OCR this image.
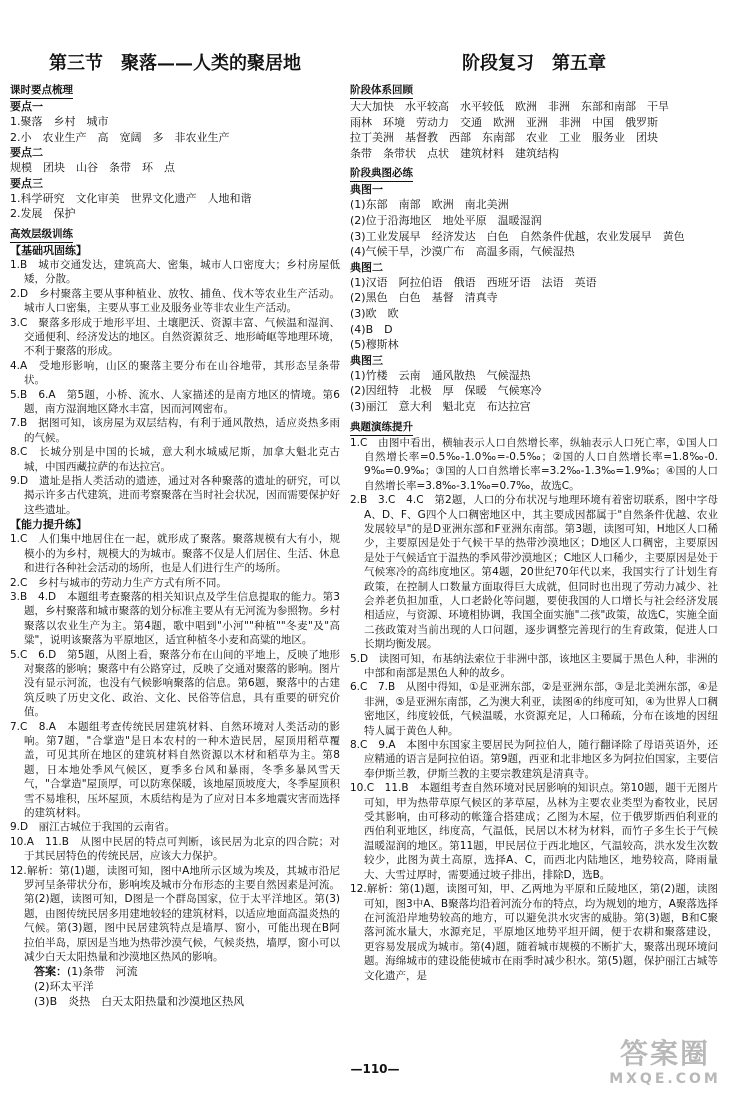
第三节　聚落——人类的聚居地	阶段复习　第五章
课时要点梳理
要点一
1.聚落　乡村　城市
2.小　农业生产　高　宽阔　多　非农业生产
要点二
规模　团块　山谷　条带　环　点
要点三
1.科学研究　文化审美　世界文化遗产　人地和谐
2.发展　保护
高效层级训练
【基础巩固练】

1.B　城市交通发达，建筑高大、密集，城市人口密度大；乡村房屋低矮，分散。

2.D　乡村聚落主要从事种植业、放牧、捕鱼、伐木等农业生产活动。城市人口密集，主要从事工业及服务业等非农业生产活动。

3.C　聚落多形成于地形平坦、土壤肥沃、资源丰富、气候温和湿润、交通便利、经济发达的地区。自然资源贫乏、地形崎岖等地理环境，不利于聚落的形成。

4.A　受地形影响，山区的聚落主要分布在山谷地带，其形态呈条带状。

5.B　6.A　第5题，小桥、流水、人家描述的是南方地区的情境。第6题，南方湿润地区降水丰富，因而河网密布。

7.B　据图可知，该房屋为双层结构，有利于通风散热，适应炎热多雨的气候。

8.C　长城分别是中国的长城，意大利水城威尼斯，加拿大魁北克古城，中国西藏拉萨的布达拉宫。

9.D　遗址是指人类活动的遗迹，通过对各种聚落的遗址的研究，可以揭示许多古代建筑，进而考察聚落在当时社会状况，因而需要保护好这些遗址。

【能力提升练】

1.C　人们集中地居住在一起，就形成了聚落。聚落规模有大有小，规模小的为乡村，规模大的为城市。聚落不仅是人们居住、生活、休息和进行各种社会活动的场所，也是人们进行生产的场所。

2.C　乡村与城市的劳动力生产方式有所不同。

3.B　4.D　本题组考查聚落的相关知识点及学生信息提取的能力。第3题，乡村聚落和城市聚落的划分标准主要从有无河流为参照物。乡村聚落以农业生产为主。第4题，歌中唱到"小河""种植""冬麦"及"高粱"，说明该聚落为平原地区，适宜种植冬小麦和高粱的地区。

5.C　6.D　第5题，从图上看，聚落分布在山间的平地上，反映了地形对聚落的影响；聚落中有公路穿过，反映了交通对聚落的影响。图片没有显示河流，也没有气候影响聚落的信息。第6题，聚落中的古建筑反映了历史文化、政治、文化、民俗等信息，具有重要的研究价值。

7.C　8.A　本题组考查传统民居建筑材料、自然环境对人类活动的影响。第7题，"合掌造"是日本农村的一种木造民居，屋顶用稻草覆盖，可见其所在地区的建筑材料自然资源以木材和稻草为主。第8题，日本地处季风气候区，夏季多台风和暴雨，冬季多暴风雪天气，"合掌造"屋顶厚，可以防寒保暖，该地屋顶坡度大，冬季屋顶积雪不易堆积，压坏屋顶，木质结构是为了应对日本多地震灾害而选择的建筑材料。

9.D　丽江古城位于我国的云南省。

10.A　11.B　从图中民居的特点可判断，该民居为北京的四合院；对于其民居特色的传统民居，应该大力保护。

12.解析：第(1)题，读图可知，图中A地所示区域为埃及，其城市沿尼罗河呈条带状分布，影响埃及城市分布形态的主要自然因素是河流。第(2)题，读图可知，D图是一个群岛国家，位于太平洋地区。第(3)题，由图传统民居多用建地较轻的建筑材料，以适应地面高温炎热的气候。第(3)题，图中民居建筑特点是墙厚、窗小，可能出现在B阿拉伯半岛，原因是当地为热带沙漠气候，气候炎热，墙厚，窗小可以减少白天太阳热量和沙漠地区热风的影响。

答案：(1)条带　河流
(2)环太平洋
(3)B　炎热　白天太阳热量和沙漠地区热风
阶段体系回顾
大大加快　水平较高　水平较低　欧洲　非洲　东部和南部　干旱
雨林　环境　劳动力　交通　欧洲　亚洲　非洲　中国　俄罗斯
拉丁美洲　基督教　西部　东南部　农业　工业　服务业　团块
条带　条带状　点状　建筑材料　建筑结构
阶段典图必练
典图一
(1)东部　南部　欧洲　南北美洲
(2)位于沿海地区　地处平原　温暖湿润
(3)工业发展早　经济发达　白色　自然条件优越，农业发展早　黄色
(4)气候干旱，沙漠广布　高温多雨，气候湿热
典图二
(1)汉语　阿拉伯语　俄语　西班牙语　法语　英语
(2)黑色　白色　基督　清真寺
(3)欧　欧
(4)B　D
(5)穆斯林
典图三
(1)竹楼　云南　通风散热　气候湿热
(2)因纽特　北极　厚　保暖　气候寒冷
(3)丽江　意大利　魁北克　布达拉宫
典题演练提升

1.C　由图中看出，横轴表示人口自然增长率，纵轴表示人口死亡率，①国人口自然增长率=0.5‰-1.0‰=-0.5‰；②国的人口自然增长率=1.8‰-0.9‰=0.9‰；③国的人口自然增长率=3.2‰-1.3‰=1.9‰；④国的人口自然增长率=3.8‰-3.1‰=0.7‰，故选C。

2.B　3.C　4.C　第2题，人口的分布状况与地理环境有着密切联系，图中字母A、D、F、G四个人口稠密地区中，其主要成因都属于"自然条件优越、农业发展较早"的是D亚洲东部和F亚洲东南部。第3题，读图可知，H地区人口稀少，主要原因是处于气候干旱的热带沙漠地区；D地区人口稠密，主要原因是处于气候适宜于温热的季风带沙漠地区；C地区人口稀少，主要原因是处于气候寒冷的高纬度地区。第4题，20世纪70年代以来，我国实行了计划生育政策，在控制人口数量方面取得巨大成就，但同时也出现了劳动力减少、社会养老负担加重，人口老龄化等问题，要使我国的人口增长与社会经济发展相适应，与资源、环境相协调，我国全面实施"二孩"政策，故选C，实施全面二孩政策对当前出现的人口问题，逐步调整完善现行的生育政策，促进人口长期均衡发展。

5.D　读图可知，布基纳法索位于非洲中部，该地区主要属于黑色人种，非洲的中部和南部是黑色人种的故乡。

6.C　7.B　从图中得知，①是亚洲东部，②是亚洲东部，③是北美洲东部，④是非洲，⑤是亚洲东南部，乙为澳大利亚，读图④的纬度可知，④为世界人口稠密地区，纬度较低，气候温暖，水资源充足，人口稀疏，分布在该地的因纽特人属于黄色人种。

8.C　9.A　本图中东国家主要居民为阿拉伯人，随行翻译除了母语英语外，还应精通的语言是阿拉伯语。第9题，西亚和北非地区多为阿拉伯国家，主要信奉伊斯兰教，伊斯兰教的主要宗教建筑是清真寺。

10.C　11.B　本题组考查自然环境对民居影响的知识点。第10题，题干无图片可知，甲为热带草原气候区的茅草屋，丛林为主要农业类型为畜牧业，民居受其影响，由可移动的帐篷合搭建成；乙图为木屋，位于俄罗斯西伯利亚的西伯利亚地区，纬度高，气温低，民居以木材为材料，而竹子多生长于气候温暖湿润的地区。第11题，甲民居位于西北地区，气温较高，洪水发生次数较少，此图为黄土高原，选择A、C，而西北内陆地区，地势较高，降雨量大、大雪过厚时，需要通过坡子排出，排除D，选B。

12.解析：第(1)题，读图可知，甲、乙两地为平原和丘陵地区，第(2)题，读图可知，图3中A、B聚落均沿着河流分布的特点，均为规划的地方，A聚落选择在河流沿岸地势较高的地方，可以避免洪水灾害的威胁。第(3)题，B和C聚落河流水量大，水源充足，平原地区地势平坦开阔，便于农耕和聚落建设，更容易发展成为城市。第(4)题，随着城市规模的不断扩大，聚落出现环境问题。海绵城市的建设能使城市在雨季时减少积水。第(5)题，保护丽江古城等文化遗产，是

—110—	答案圈
MXQE.COM
